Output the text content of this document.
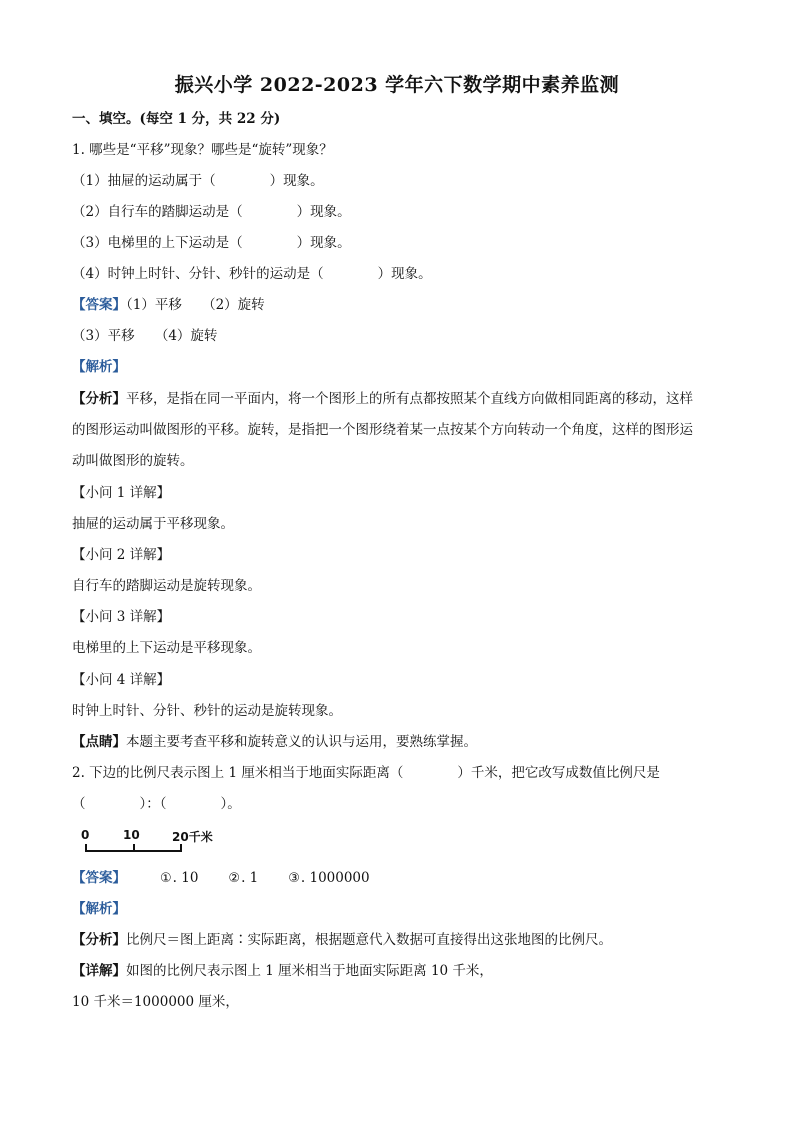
振兴小学 2022-2023 学年六下数学期中素养监测
一、填空。(每空 1 分，共 22 分)
1. 哪些是“平移”现象？哪些是“旋转”现象？
（1）抽屉的运动属于（　　　　）现象。
（2）自行车的踏脚运动是（　　　　）现象。
（3）电梯里的上下运动是（　　　　）现象。
（4）时钟上时针、分针、秒针的运动是（　　　　）现象。
【答案】（1）平移　　（2）旋转
（3）平移　　（4）旋转
【解析】
【分析】平移，是指在同一平面内，将一个图形上的所有点都按照某个直线方向做相同距离的移动，这样
的图形运动叫做图形的平移。旋转，是指把一个图形绕着某一点按某个方向转动一个角度，这样的图形运
动叫做图形的旋转。
【小问 1 详解】
抽屉的运动属于平移现象。
【小问 2 详解】
自行车的踏脚运动是旋转现象。
【小问 3 详解】
电梯里的上下运动是平移现象。
【小问 4 详解】
时钟上时针、分针、秒针的运动是旋转现象。
【点睛】本题主要考查平移和旋转意义的认识与运用，要熟练掌握。
2. 下边的比例尺表示图上 1 厘米相当于地面实际距离（　　　　）千米，把它改写成数值比例尺是
（　　　　）：（　　　　）。
0	10	20千米
【答案】	①. 10 ②. 1 ③. 1000000
【解析】
【分析】比例尺＝图上距离∶实际距离，根据题意代入数据可直接得出这张地图的比例尺。
【详解】如图的比例尺表示图上 1 厘米相当于地面实际距离 10 千米，
10 千米＝1000000 厘米，
